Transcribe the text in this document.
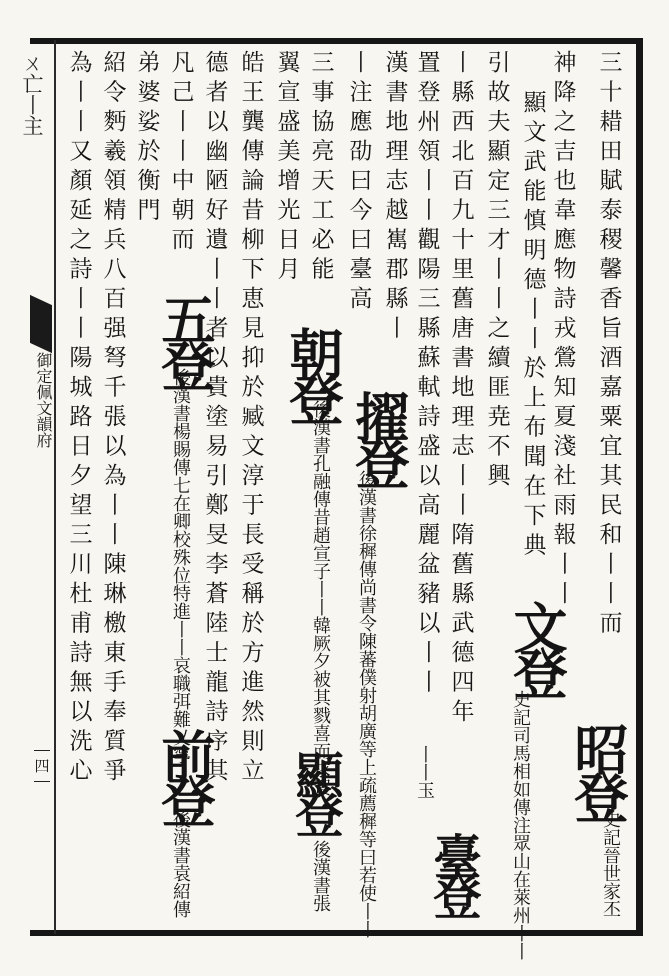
ㄨ亡丨主
御定佩文韻府
四
三十耤田賦泰稷馨香旨酒嘉粟宜其民和丨丨而
昭登
史記晉世家丕
神降之吉也韋應物詩戎鶯知夏淺社雨報丨丨
顯文武能慎明德丨丨於上布聞在下典
文登
史記司馬相如傳注眾山在萊州丨丨
引故夫顯定三才丨丨之續匪尭不興
丨縣西北百九十里舊唐書地理志丨丨隋舊縣武德四年
臺登
置登州領丨丨觀陽三縣蘇軾詩盛以高麗盆豬以丨丨
丨丨玉
漢書地理志越嶲郡縣丨
丨注應劭曰今曰臺高
擢登
後漢書徐穉傳尚書令陳蕃僕射胡廣等上疏薦穉等曰若使丨丨
三事協亮天工必能
翼宣盛美增光日月
朝登
後漢書孔融傳昔趙宣子丨丨韓厥夕被其戮喜而求賀
顯登
後漢書張
皓王龔傳論昔柳下恵見抑於臧文淳于長受稱於方進然則立
德者以幽陋好遺丨丨者以貴塗易引鄭旻李蒼陸士龍詩序其
凡己丨丨中朝而
五登
後漢書楊賜傳七在卿校殊位特進丨丨哀職弭難乂寧
弟婆娑於衡門
前登
後漢書袁紹傳
紹令麪羲領精兵八百强弩千張以為丨丨陳琳檄東手奉質爭
為丨丨又顏延之詩丨丨陽城路日夕望三川杜甫詩無以洗心
